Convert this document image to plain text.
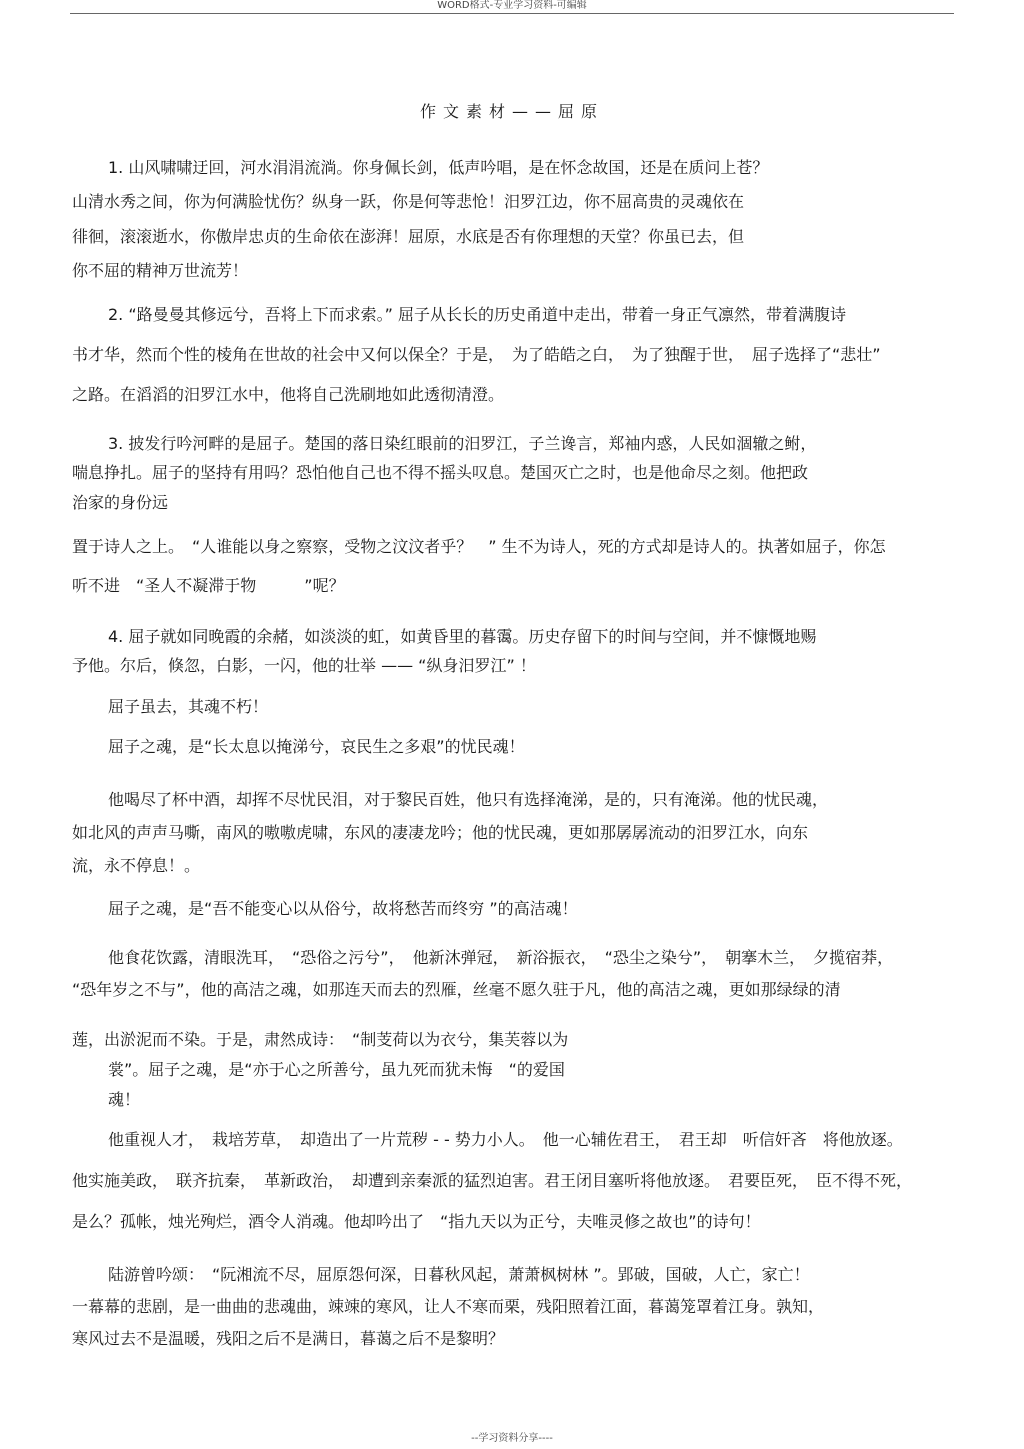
WORD格式-专业学习资料-可编辑
作文素材——屈原
1. 山风啸啸迂回，河水涓涓流淌。你身佩长剑，低声吟唱，是在怀念故国，还是在质问上苍？
山清水秀之间，你为何满脸忧伤？纵身一跃，你是何等悲怆！汨罗江边，你不屈高贵的灵魂依在
徘徊，滚滚逝水，你傲岸忠贞的生命依在澎湃！屈原，水底是否有你理想的天堂？你虽已去，但
你不屈的精神万世流芳！
2. “路曼曼其修远兮，吾将上下而求索。” 屈子从长长的历史甬道中走出，带着一身正气凛然，带着满腹诗
书才华，然而个性的棱角在世故的社会中又何以保全？于是，　为了皓皓之白，　为了独醒于世，　屈子选择了“悲壮”
之路。在滔滔的汨罗江水中，他将自己洗刷地如此透彻清澄。
3. 披发行吟河畔的是屈子。楚国的落日染红眼前的汨罗江，子兰谗言，郑袖内惑，人民如涸辙之鲋，
喘息挣扎。屈子的坚持有用吗？恐怕他自己也不得不摇头叹息。楚国灭亡之时，也是他命尽之刻。他把政
治家的身份远
置于诗人之上。　“人谁能以身之察察，受物之汶汶者乎？　” 生不为诗人，死的方式却是诗人的。执著如屈子，你怎
听不进　“圣人不凝滞于物　　　”呢？
4. 屈子就如同晚霞的余赭，如淡淡的虹，如黄昏里的暮霭。历史存留下的时间与空间，并不慷慨地赐
予他。尔后，倏忽，白影，一闪，他的壮举 —— “纵身汨罗江” ！
屈子虽去，其魂不朽！
屈子之魂，是“长太息以掩涕兮，哀民生之多艰”的忧民魂！
他喝尽了杯中酒，却挥不尽忧民泪，对于黎民百姓，他只有选择淹涕，是的，只有淹涕。他的忧民魂，
如北风的声声马嘶，南风的嗷嗷虎啸，东风的凄凄龙吟；他的忧民魂，更如那孱孱流动的汨罗江水，向东
流，永不停息！。
屈子之魂，是“吾不能变心以从俗兮，故将愁苦而终穷 ”的高洁魂！
他食花饮露，清眼洗耳，　“恐俗之污兮”，　他新沐弹冠，　新浴振衣，　“恐尘之染兮”，　朝搴木兰，　夕揽宿莽，
“恐年岁之不与”，他的高洁之魂，如那连天而去的烈雁，丝毫不愿久驻于凡，他的高洁之魂，更如那绿绿的清
莲，出淤泥而不染。于是，肃然成诗：　“制芰荷以为衣兮，集芙蓉以为
裳”。屈子之魂，是“亦于心之所善兮，虽九死而犹未悔　“的爱国
魂！
他重视人才，　栽培芳草，　却造出了一片荒秽 - - 势力小人。　他一心辅佐君王，　君王却　听信奸吝　将他放逐。
他实施美政，　联齐抗秦，　革新政治，　却遭到亲秦派的猛烈迫害。君王闭目塞听将他放逐。　君要臣死，　臣不得不死，
是么？孤帐，烛光殉烂，酒令人消魂。他却吟出了　“指九天以为正兮，夫唯灵修之故也”的诗句！
陆游曾吟颂：　“阮湘流不尽，屈原怨何深，日暮秋风起，萧萧枫树林 ”。郢破，国破，人亡，家亡！
一幕幕的悲剧，是一曲曲的悲魂曲，竦竦的寒风，让人不寒而栗，残阳照着江面，暮蔼笼罩着江身。孰知，
寒风过去不是温暖，残阳之后不是满日，暮蔼之后不是黎明？
--学习资料分享----
